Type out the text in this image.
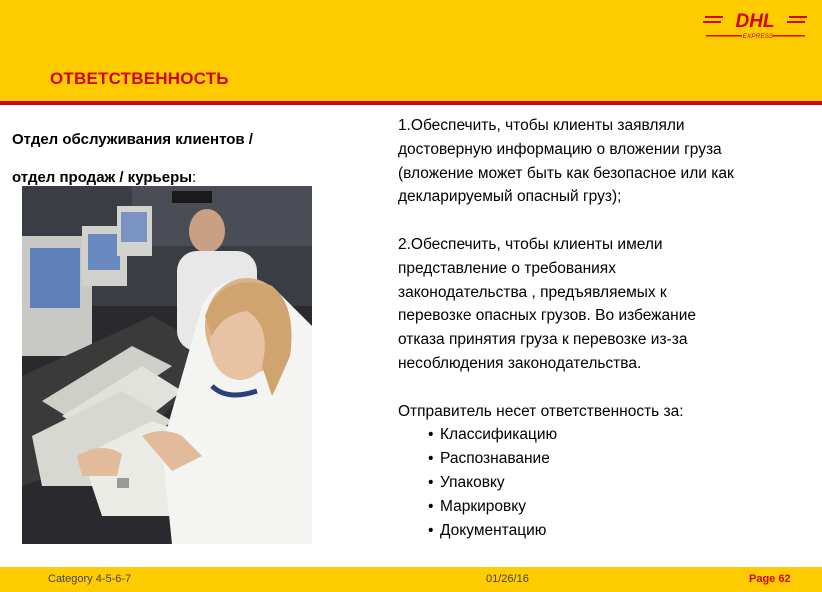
DHL
EXPRESS
ОТВЕТСТВЕННОСТЬ
Отдел обслуживания клиентов /
отдел продаж / курьеры:

1.Обеспечить, чтобы клиенты заявляли

достоверную информацию о вложении груза

(вложение может быть как безопасное или как

декларируемый опасный груз);

2.Обеспечить, чтобы клиенты имели

представление о требованиях

законодательства , предъявляемых к

перевозке опасных грузов. Во избежание

отказа принятия груза к перевозке из-за

несоблюдения законодательства.

Отправитель несет ответственность за:

• Классификацию
• Распознавание
• Упаковку
• Маркировку
• Документацию
Category 4-5-6-7	01/26/16	Page 62
